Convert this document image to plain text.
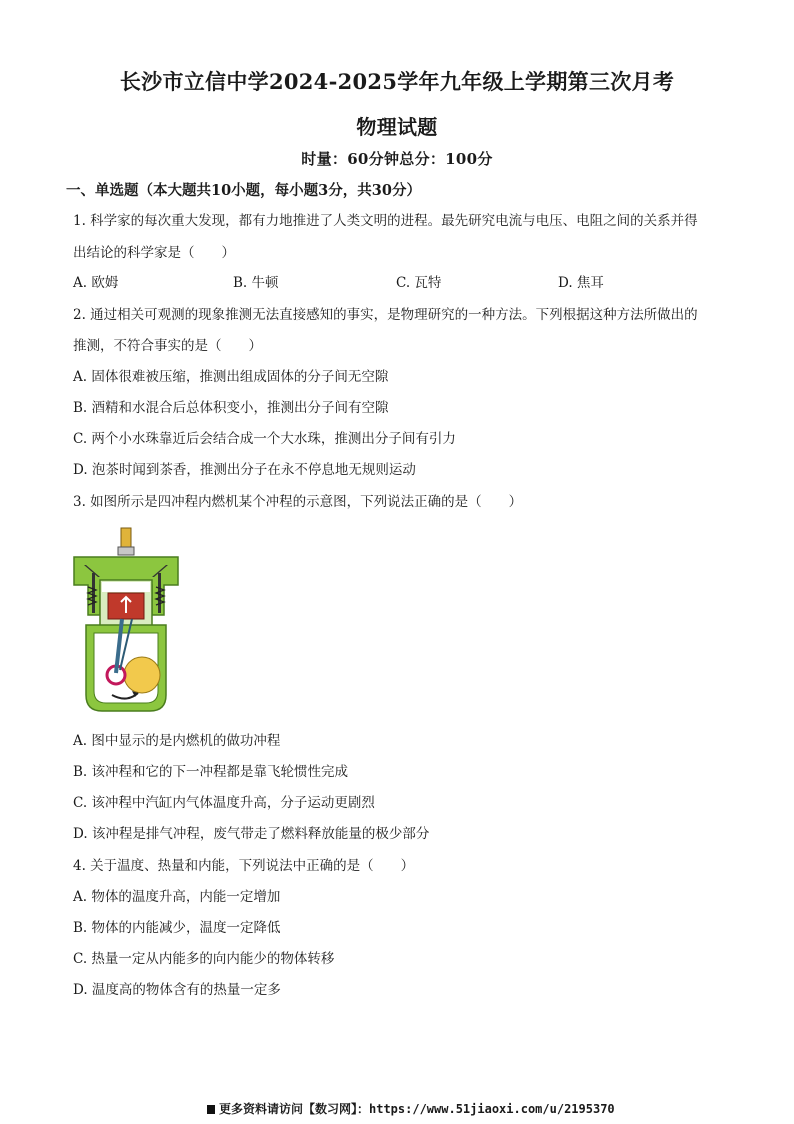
长沙市立信中学2024-2025学年九年级上学期第三次月考
物理试题
时量：60分钟总分：100分
一、单选题（本大题共10小题，每小题3分，共30分）
1. 科学家的每次重大发现，都有力地推进了人类文明的进程。最先研究电流与电压、电阻之间的关系并得
出结论的科学家是（　　）
A. 欧姆	B. 牛顿	C. 瓦特	D. 焦耳
2. 通过相关可观测的现象推测无法直接感知的事实，是物理研究的一种方法。下列根据这种方法所做出的
推测，不符合事实的是（　　）
A. 固体很难被压缩，推测出组成固体的分子间无空隙
B. 酒精和水混合后总体积变小，推测出分子间有空隙
C. 两个小水珠靠近后会结合成一个大水珠，推测出分子间有引力
D. 泡茶时闻到茶香，推测出分子在永不停息地无规则运动
3. 如图所示是四冲程内燃机某个冲程的示意图，下列说法正确的是（　　）
A. 图中显示的是内燃机的做功冲程
B. 该冲程和它的下一冲程都是靠飞轮惯性完成
C. 该冲程中汽缸内气体温度升高，分子运动更剧烈
D. 该冲程是排气冲程，废气带走了燃料释放能量的极少部分
4. 关于温度、热量和内能，下列说法中正确的是（　　）
A. 物体的温度升高，内能一定增加
B. 物体的内能减少，温度一定降低
C. 热量一定从内能多的向内能少的物体转移
D. 温度高的物体含有的热量一定多
更多资料请访问【数习网】：https://www.51jiaoxi.com/u/2195370
